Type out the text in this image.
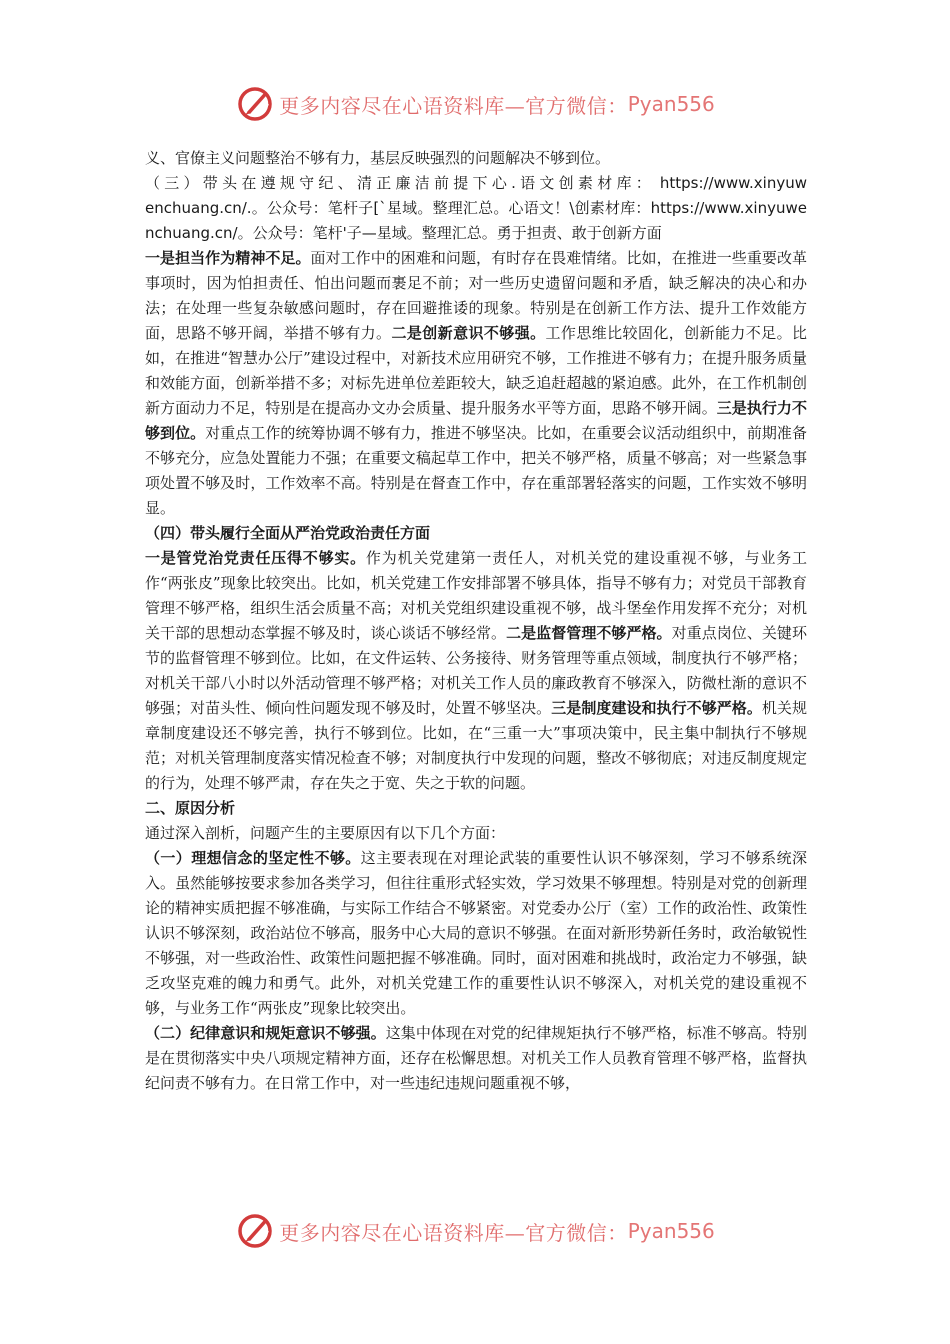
更多内容尽在心语资料库—官方微信： Pyan556

义、官僚主义问题整治不够有力，基层反映强烈的问题解决不够到位。

（三）带头在遵规守纪、清正廉洁前提下心.语文创素材库： https://www.xinyuwenchuang.cn/.。公众号：笔杆子[`星域。整理汇总。心语文！\创素材库：https://www.xinyuwenchuang.cn/。公众号：笔杆'子—星域。整理汇总。勇于担责、敢于创新方面

一是担当作为精神不足。面对工作中的困难和问题，有时存在畏难情绪。比如，在推进一些重要改革事项时，因为怕担责任、怕出问题而裹足不前；对一些历史遗留问题和矛盾，缺乏解决的决心和办法；在处理一些复杂敏感问题时，存在回避推诿的现象。特别是在创新工作方法、提升工作效能方面，思路不够开阔，举措不够有力。二是创新意识不够强。工作思维比较固化，创新能力不足。比如，在推进“智慧办公厅”建设过程中，对新技术应用研究不够，工作推进不够有力；在提升服务质量和效能方面，创新举措不多；对标先进单位差距较大，缺乏追赶超越的紧迫感。此外，在工作机制创新方面动力不足，特别是在提高办文办会质量、提升服务水平等方面，思路不够开阔。三是执行力不够到位。对重点工作的统筹协调不够有力，推进不够坚决。比如，在重要会议活动组织中，前期准备不够充分，应急处置能力不强；在重要文稿起草工作中，把关不够严格，质量不够高；对一些紧急事项处置不够及时，工作效率不高。特别是在督查工作中，存在重部署轻落实的问题，工作实效不够明显。

（四）带头履行全面从严治党政治责任方面

一是管党治党责任压得不够实。作为机关党建第一责任人，对机关党的建设重视不够，与业务工作“两张皮”现象比较突出。比如，机关党建工作安排部署不够具体，指导不够有力；对党员干部教育管理不够严格，组织生活会质量不高；对机关党组织建设重视不够，战斗堡垒作用发挥不充分；对机关干部的思想动态掌握不够及时，谈心谈话不够经常。二是监督管理不够严格。对重点岗位、关键环节的监督管理不够到位。比如，在文件运转、公务接待、财务管理等重点领域，制度执行不够严格；对机关干部八小时以外活动管理不够严格；对机关工作人员的廉政教育不够深入，防微杜渐的意识不够强；对苗头性、倾向性问题发现不够及时，处置不够坚决。三是制度建设和执行不够严格。机关规章制度建设还不够完善，执行不够到位。比如，在“三重一大”事项决策中，民主集中制执行不够规范；对机关管理制度落实情况检查不够；对制度执行中发现的问题，整改不够彻底；对违反制度规定的行为，处理不够严肃，存在失之于宽、失之于软的问题。

二、原因分析

通过深入剖析，问题产生的主要原因有以下几个方面：

（一）理想信念的坚定性不够。这主要表现在对理论武装的重要性认识不够深刻，学习不够系统深入。虽然能够按要求参加各类学习，但往往重形式轻实效，学习效果不够理想。特别是对党的创新理论的精神实质把握不够准确，与实际工作结合不够紧密。对党委办公厅（室）工作的政治性、政策性认识不够深刻，政治站位不够高，服务中心大局的意识不够强。在面对新形势新任务时，政治敏锐性不够强，对一些政治性、政策性问题把握不够准确。同时，面对困难和挑战时，政治定力不够强，缺乏攻坚克难的魄力和勇气。此外，对机关党建工作的重要性认识不够深入，对机关党的建设重视不够，与业务工作“两张皮”现象比较突出。

（二）纪律意识和规矩意识不够强。这集中体现在对党的纪律规矩执行不够严格，标准不够高。特别是在贯彻落实中央八项规定精神方面，还存在松懈思想。对机关工作人员教育管理不够严格，监督执纪问责不够有力。在日常工作中，对一些违纪违规问题重视不够，

更多内容尽在心语资料库—官方微信： Pyan556
